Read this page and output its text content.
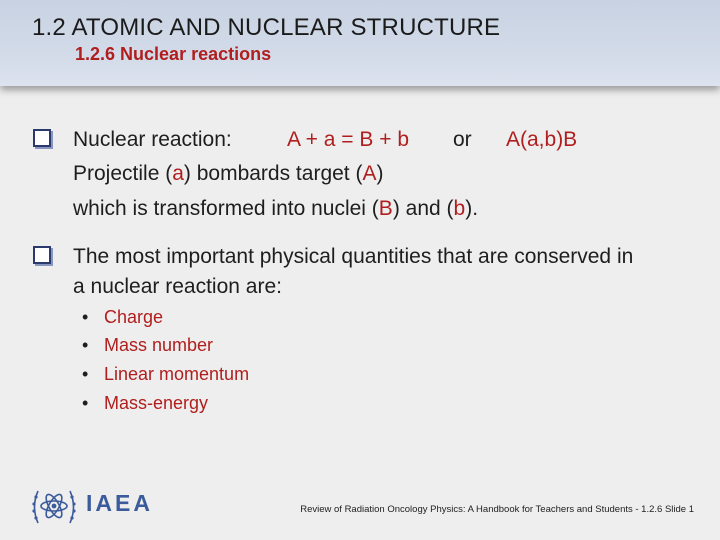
1.2 ATOMIC AND NUCLEAR STRUCTURE
1.2.6 Nuclear reactions
Nuclear reaction:	A + a = B + b or A(a,b)B
Projectile (a) bombards target (A)
which is transformed into nuclei (B) and (b).
The most important physical quantities that are conserved in
a nuclear reaction are:
• Charge
• Mass number
• Linear momentum
• Mass-energy
IAEA	Review of Radiation Oncology Physics: A Handbook for Teachers and Students - 1.2.6 Slide 1
